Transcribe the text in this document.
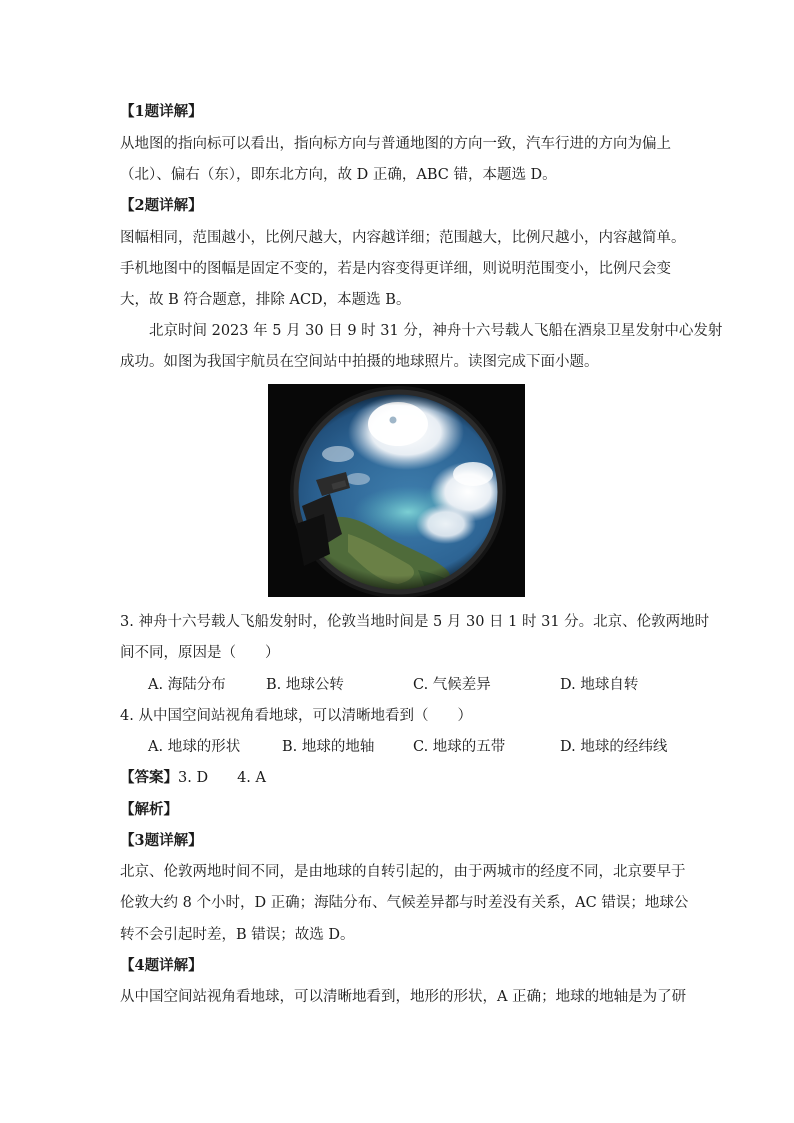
【1题详解】
从地图的指向标可以看出，指向标方向与普通地图的方向一致，汽车行进的方向为偏上
（北）、偏右（东），即东北方向，故 D 正确，ABC 错，本题选 D。
【2题详解】
图幅相同，范围越小，比例尺越大，内容越详细；范围越大，比例尺越小，内容越简单。
手机地图中的图幅是固定不变的，若是内容变得更详细，则说明范围变小，比例尺会变
大，故 B 符合题意，排除 ACD，本题选 B。
北京时间 2023 年 5 月 30 日 9 时 31 分，神舟十六号载人飞船在酒泉卫星发射中心发射
成功。如图为我国宇航员在空间站中拍摄的地球照片。读图完成下面小题。
3. 神舟十六号载人飞船发射时，伦敦当地时间是 5 月 30 日 1 时 31 分。北京、伦敦两地时
间不同，原因是（　　）
A. 海陆分布	B. 地球公转	C. 气候差异	D. 地球自转
4. 从中国空间站视角看地球，可以清晰地看到（　　）
A. 地球的形状	B. 地球的地轴	C. 地球的五带	D. 地球的经纬线
【答案】3. D　　4. A
【解析】
【3题详解】
北京、伦敦两地时间不同，是由地球的自转引起的，由于两城市的经度不同，北京要早于
伦敦大约 8 个小时，D 正确；海陆分布、气候差异都与时差没有关系，AC 错误；地球公
转不会引起时差，B 错误；故选 D。
【4题详解】
从中国空间站视角看地球，可以清晰地看到，地形的形状，A 正确；地球的地轴是为了研
